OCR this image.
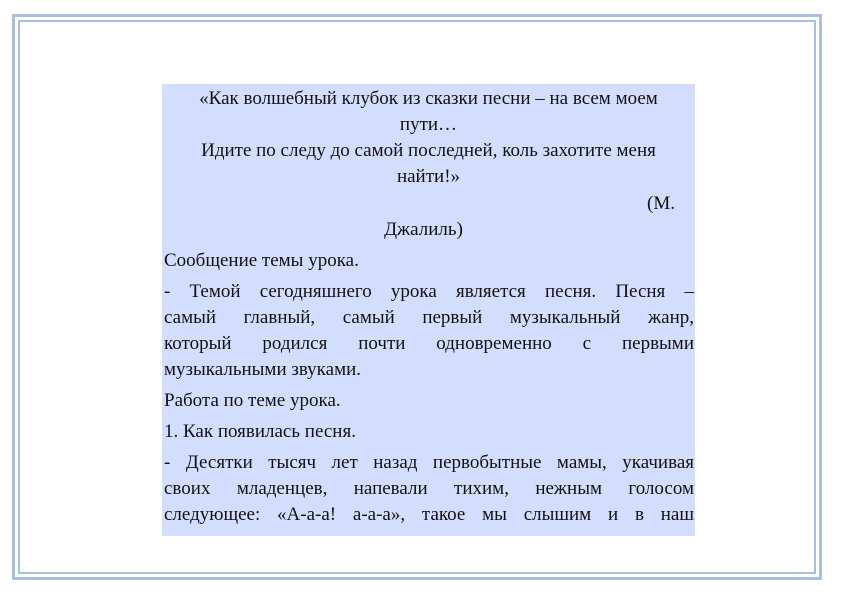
«Как волшебный клубок из сказки песни – на всем моем
пути…
Идите по следу до самой последней, коль захотите меня
найти!»
(М.
Джалиль)
Сообщение темы урока.
- Темой сегодняшнего урока является песня. Песня –
самый главный, самый первый музыкальный жанр,
который родился почти одновременно с первыми
музыкальными звуками.
Работа по теме урока.
1. Как появилась песня.
- Десятки тысяч лет назад первобытные мамы, укачивая
своих младенцев, напевали тихим, нежным голосом
следующее: «А-а-а! а-а-а», такое мы слышим и в наш
